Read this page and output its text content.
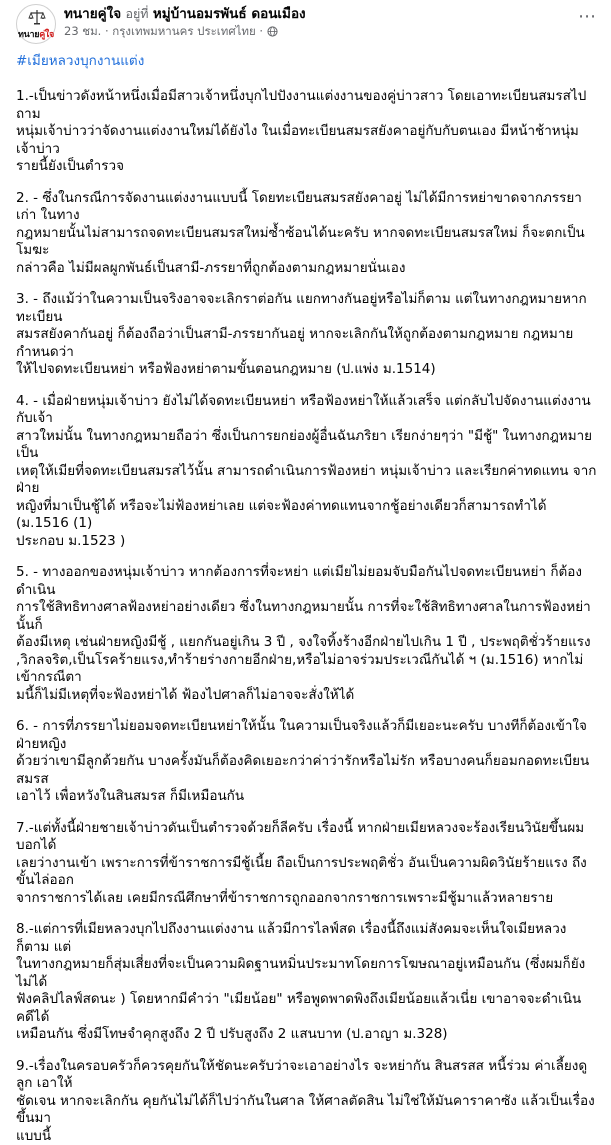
ทนายคู่ใจ
ทนายคู่ใจ อยู่ที่ หมู่บ้านอมรพันธ์ ดอนเมือง
23 ชม. · กรุงเทพมหานคร ประเทศไทย ·
⋯
#เมียหลวงบุกงานแต่ง

1.-เป็นข่าวดังหน้าหนึ่งเมื่อมีสาวเจ้าหนึ่งบุกไปปังงานแต่งงานของคู่บ่าวสาว โดยเอาทะเบียนสมรสไปถาม
หนุ่มเจ้าบ่าวว่าจัดงานแต่งงานใหม่ได้ยังไง ในเมื่อทะเบียนสมรสยังคาอยู่กับกับตนเอง มีหน้าช้าหนุ่มเจ้าบ่าว
รายนี้ยังเป็นตำรวจ

2. - ซึ่งในกรณีการจัดงานแต่งงานแบบนี้ โดยทะเบียนสมรสยังคาอยู่ ไม่ได้มีการหย่าขาดจากภรรยาเก่า ในทาง
กฎหมายนั้นไม่สามารถจดทะเบียนสมรสใหม่ซ้ำซ้อนได้นะครับ หากจดทะเบียนสมรสใหม่ ก็จะตกเป็นโมฆะ
กล่าวคือ ไม่มีผลผูกพันธ์เป็นสามี-ภรรยาที่ถูกต้องตามกฎหมายนั่นเอง

3. - ถึงแม้ว่าในความเป็นจริงอาจจะเลิกราต่อกัน แยกทางกันอยู่หรือไม่ก็ตาม แต่ในทางกฎหมายหากทะเบียน
สมรสยังคากันอยู่ ก็ต้องถือว่าเป็นสามี-ภรรยากันอยู่ หากจะเลิกกันให้ถูกต้องตามกฎหมาย กฎหมายกำหนดว่า
ให้ไปจดทะเบียนหย่า หรือฟ้องหย่าตามขั้นตอนกฎหมาย (ป.แพ่ง ม.1514)

4. - เมื่อฝ่ายหนุ่มเจ้าบ่าว ยังไม่ได้จดทะเบียนหย่า หรือฟ้องหย่าให้แล้วเสร็จ แต่กลับไปจัดงานแต่งงานกับเจ้า
สาวใหม่นั้น ในทางกฎหมายถือว่า ซึ่งเป็นการยกย่องผู้อื่นฉันภริยา เรียกง่ายๆว่า "มีชู้" ในทางกฎหมายเป็น
เหตุให้เมียที่จดทะเบียนสมรสไว้นั้น สามารถดำเนินการฟ้องหย่า หนุ่มเจ้าบ่าว และเรียกค่าทดแทน จากฝ่าย
หญิงที่มาเป็นชู้ได้ หรือจะไม่ฟ้องหย่าเลย แต่จะฟ้องค่าทดแทนจากชู้อย่างเดียวก็สามารถทำได้ (ม.1516 (1)
ประกอบ ม.1523 )

5. - ทางออกของหนุ่มเจ้าบ่าว หากต้องการที่จะหย่า แต่เมียไม่ยอมจับมือกันไปจดทะเบียนหย่า ก็ต้องดำเนิน
การใช้สิทธิทางศาลฟ้องหย่าอย่างเดียว ซึ่งในทางกฎหมายนั้น การที่จะใช้สิทธิทางศาลในการฟ้องหย่านั้นก็
ต้องมีเหตุ เช่นฝ่ายหญิงมีชู้ , แยกกันอยู่เกิน 3 ปี , จงใจทิ้งร้างอีกฝ่ายไปเกิน 1 ปี , ประพฤติชั่วร้ายแรง
,วิกลจริต,เป็นโรคร้ายแรง,ทำร้ายร่างกายอีกฝ่าย,หรือไม่อาจร่วมประเวณีกันได้ ฯ (ม.1516) หากไม่เข้ากรณีตา
มนี้ก็ไม่มีเหตุที่จะฟ้องหย่าได้ ฟ้องไปศาลก็ไม่อาจจะสั่งให้ได้

6. - การที่ภรรยาไม่ยอมจดทะเบียนหย่าให้นั้น ในความเป็นจริงแล้วก็มีเยอะนะครับ บางทีก็ต้องเข้าใจฝ่ายหญิง
ด้วยว่าเขามีลูกด้วยกัน บางครั้งมันก็ต้องคิดเยอะกว่าค่าว่ารักหรือไม่รัก หรือบางคนก็ยอมกอดทะเบียนสมรส
เอาไว้ เพื่อหวังในสินสมรส ก็มีเหมือนกัน

7.-แต่ทั้งนี้ฝ่ายชายเจ้าบ่าวดันเป็นตำรวจด้วยก็ลีครับ เรื่องนี้ หากฝ่ายเมียหลวงจะร้องเรียนวินัยขึ้นผมบอกได้
เลยว่างานเข้า เพราะการที่ข้าราชการมีชู้เนี้ย ถือเป็นการประพฤติชั่ว อันเป็นความผิดวินัยร้ายแรง ถึงขั้นไล่ออก
จากราชการได้เลย เคยมีกรณีศึกษาที่ข้าราชการถูกออกจากราชการเพราะมีชู้มาแล้วหลายราย

8.-แต่การที่เมียหลวงบุกไปถึงงานแต่งงาน แล้วมีการไลฟ์สด เรื่องนี้ถึงแม่สังคมจะเห็นใจเมียหลวงก็ตาม แต่
ในทางกฎหมายก็สุ่มเสี่ยงที่จะเป็นความผิดฐานหมิ่นประมาทโดยการโฆษณาอยู่เหมือนกัน (ซึ่งผมก็ยังไม่ได้
ฟังคลิปไลฟ์สดนะ ) โดยหากมีคำว่า "เมียน้อย" หรือพูดพาดพิงถึงเมียน้อยแล้วเนี่ย เขาอาจจะดำเนินคดีได้
เหมือนกัน ซึ่งมีโทษจำคุกสูงถึง 2 ปี ปรับสูงถึง 2 แสนบาท (ป.อาญา ม.328)

9.-เรื่องในครอบครัวก็ควรคุยกันให้ชัดนะครับว่าจะเอาอย่างไร จะหย่ากัน สินสรสส หนี้ร่วม ค่าเลี้ยงดูลูก เอาให้
ชัดเจน หากจะเลิกกัน คุยกันไม่ได้ก็ไปว่ากันในศาล ให้ศาลตัดสิน ไม่ใช่ให้มันคาราคาซัง แล้วเป็นเรื่องขึ้นมา
แบบนี้
